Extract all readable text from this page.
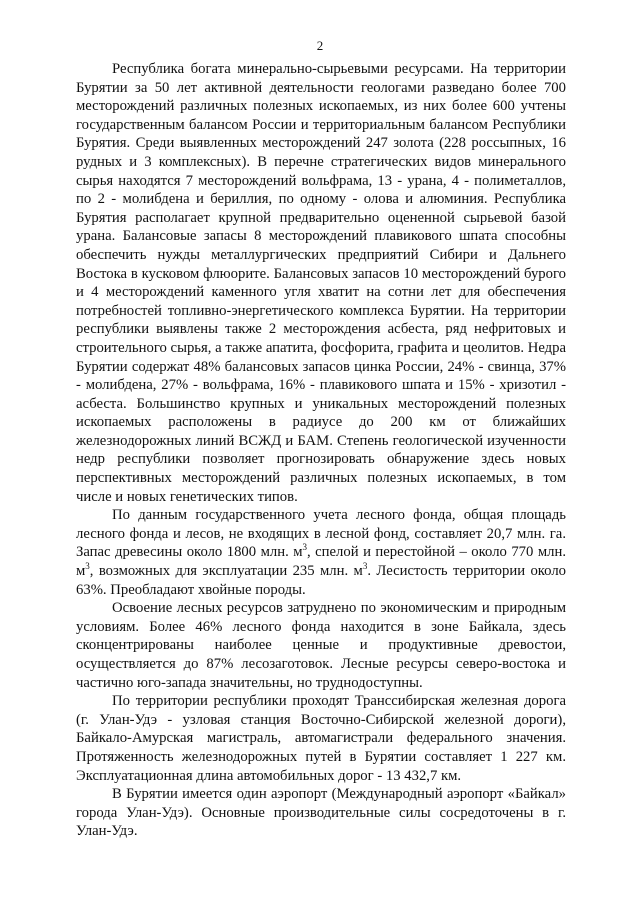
2

Республика богата минерально-сырьевыми ресурсами. На территории Бурятии за 50 лет активной деятельности геологами разведано более 700 месторождений различных полезных ископаемых, из них более 600 учтены государственным балансом России и территориальным балансом Республики Бурятия. Среди выявленных месторождений 247 золота (228 россыпных, 16 рудных и 3 комплексных). В перечне стратегических видов минерального сырья находятся 7 месторождений вольфрама, 13 - урана, 4 - полиметаллов, по 2 - молибдена и бериллия, по одному - олова и алюминия. Республика Бурятия располагает крупной предварительно оцененной сырьевой базой урана. Балансовые запасы 8 месторождений плавикового шпата способны обеспечить нужды металлургических предприятий Сибири и Дальнего Востока в кусковом флюорите. Балансовых запасов 10 месторождений бурого и 4 месторождений каменного угля хватит на сотни лет для обеспечения потребностей топливно-энергетического комплекса Бурятии. На территории республики выявлены также 2 месторождения асбеста, ряд нефритовых и строительного сырья, а также апатита, фосфорита, графита и цеолитов. Недра Бурятии содержат 48% балансовых запасов цинка России, 24% - свинца, 37% - молибдена, 27% - вольфрама, 16% - плавикового шпата и 15% - хризотил - асбеста. Большинство крупных и уникальных месторождений полезных ископаемых расположены в радиусе до 200 км от ближайших железнодорожных линий ВСЖД и БАМ. Степень геологической изученности недр республики позволяет прогнозировать обнаружение здесь новых перспективных месторождений различных полезных ископаемых, в том числе и новых генетических типов.

По данным государственного учета лесного фонда, общая площадь лесного фонда и лесов, не входящих в лесной фонд, составляет 20,7 млн. га. Запас древесины около 1800 млн. $м^3$, спелой и перестойной – около 770 млн. $м^3$, возможных для эксплуатации 235 млн. $м^3$. Лесистость территории около 63%. Преобладают хвойные породы.

Освоение лесных ресурсов затруднено по экономическим и природным условиям. Более 46% лесного фонда находится в зоне Байкала, здесь сконцентрированы наиболее ценные и продуктивные древостои, осуществляется до 87% лесозаготовок. Лесные ресурсы северо-востока и частично юго-запада значительны, но труднодоступны.

По территории республики проходят Транссибирская железная дорога (г. Улан-Удэ - узловая станция Восточно-Сибирской железной дороги), Байкало-Амурская магистраль, автомагистрали федерального значения. Протяженность железнодорожных путей в Бурятии составляет 1 227 км. Эксплуатационная длина автомобильных дорог - 13 432,7 км.

В Бурятии имеется один аэропорт (Международный аэропорт «Байкал» города Улан-Удэ). Основные производительные силы сосредоточены в г. Улан-Удэ.
